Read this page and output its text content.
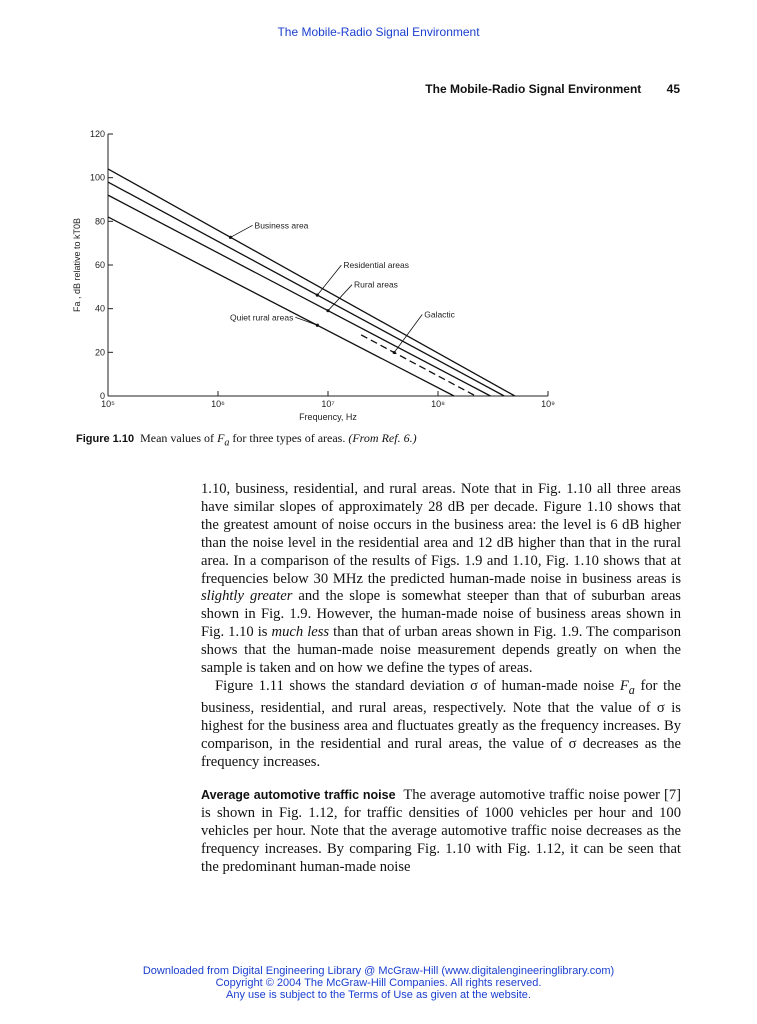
The Mobile-Radio Signal Environment
The Mobile-Radio Signal Environment 45
0
20
40
60
80
100
120
10⁵	10⁶	10⁷	10⁸	10⁹
Frequency, Hz
Fa , dB relative to kT0B	Business area
Residential areas
Rural areas
Galactic
Quiet rural areas
Figure 1.10 Mean values of $F_a$ for three types of areas. (From Ref. 6.)

1.10, business, residential, and rural areas. Note that in Fig. 1.10 all three areas have similar slopes of approximately 28 dB per decade. Figure 1.10 shows that the greatest amount of noise occurs in the business area: the level is 6 dB higher than the noise level in the residential area and 12 dB higher than that in the rural area. In a comparison of the results of Figs. 1.9 and 1.10, Fig. 1.10 shows that at frequencies below 30 MHz the predicted human-made noise in business areas is slightly greater and the slope is somewhat steeper than that of suburban areas shown in Fig. 1.9. However, the human-made noise of business areas shown in Fig. 1.10 is much less than that of urban areas shown in Fig. 1.9. The comparison shows that the human-made noise measurement depends greatly on when the sample is taken and on how we define the types of areas.

Figure 1.11 shows the standard deviation σ of human-made noise $F_a$ for the business, residential, and rural areas, respectively. Note that the value of σ is highest for the business area and fluctuates greatly as the frequency increases. By comparison, in the residential and rural areas, the value of σ decreases as the frequency increases.

Average automotive traffic noise The average automotive traffic noise power [7] is shown in Fig. 1.12, for traffic densities of 1000 vehicles per hour and 100 vehicles per hour. Note that the average automotive traffic noise decreases as the frequency increases. By comparing Fig. 1.10 with Fig. 1.12, it can be seen that the predominant human-made noise

Downloaded from Digital Engineering Library @ McGraw-Hill (www.digitalengineeringlibrary.com)
Copyright © 2004 The McGraw-Hill Companies. All rights reserved.
Any use is subject to the Terms of Use as given at the website.
